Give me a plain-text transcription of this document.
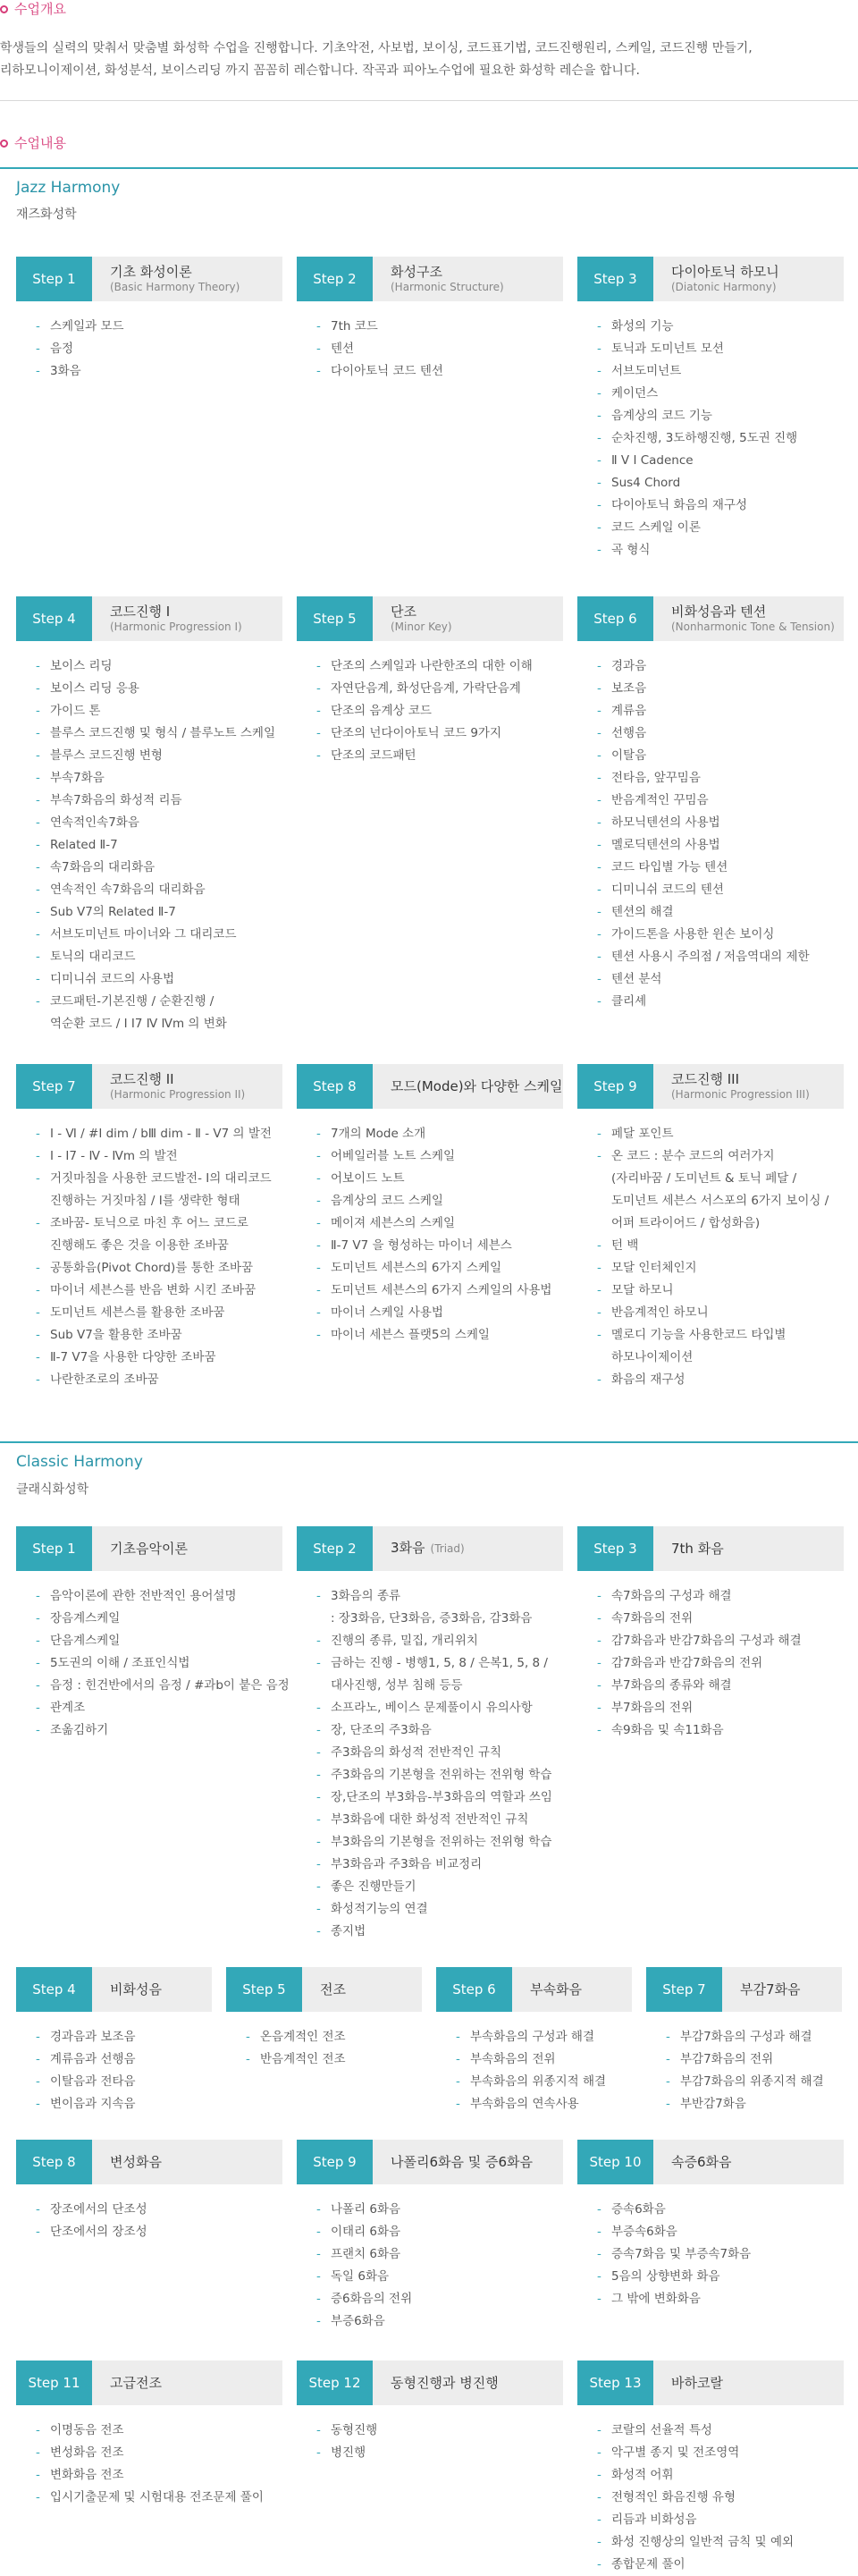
수업개요
학생들의 실력의 맞춰서 맞춤별 화성학 수업을 진행합니다. 기초악전, 사보법, 보이싱, 코드표기법, 코드진행원리, 스케일, 코드진행 만들기,
리하모니이제이션, 화성분석, 보이스리딩 까지 꼼꼼히 레슨합니다. 작곡과 피아노수업에 필요한 화성학 레슨을 합니다.
수업내용
Jazz Harmony
재즈화성학
Step 1	기초 화성이론
(Basic Harmony Theory)
- 스케일과 모드
- 음정
- 3화음
Step 2	화성구조
(Harmonic Structure)
- 7th 코드
- 텐션
- 다이아토닉 코드 텐션
Step 3	다이아토닉 하모니
(Diatonic Harmony)
- 화성의 기능
- 토닉과 도미넌트 모션
- 서브도미넌트
- 케이던스
- 음계상의 코드 기능
- 순차진행, 3도하행진행, 5도권 진행
- Ⅱ Ⅴ Ⅰ Cadence
- Sus4 Chord
- 다이아토닉 화음의 재구성
- 코드 스케일 이론
- 곡 형식
Step 4	코드진행 I
(Harmonic Progression I)
- 보이스 리딩
- 보이스 리딩 응용
- 가이드 톤
- 블루스 코드진행 및 형식 / 블루노트 스케일
- 블루스 코드진행 변형
- 부속7화음
- 부속7화음의 화성적 리듬
- 연속적인속7화음
- Related Ⅱ-7
- 속7화음의 대리화음
- 연속적인 속7화음의 대리화음
- Sub V7의 Related Ⅱ-7
- 서브도미넌트 마이너와 그 대리코드
- 토닉의 대리코드
- 디미니쉬 코드의 사용법
- 코드패턴-기본진행 / 순환진행 /
역순환 코드 / Ⅰ Ⅰ7 Ⅳ Ⅳm 의 변화
Step 5	단조
(Minor Key)
- 단조의 스케일과 나란한조의 대한 이해
- 자연단음계, 화성단음계, 가락단음계
- 단조의 음계상 코드
- 단조의 넌다이아토닉 코드 9가지
- 단조의 코드패턴
Step 6	비화성음과 텐션
(Nonharmonic Tone & Tension)
- 경과음
- 보조음
- 계류음
- 선행음
- 이탈음
- 전타음, 앞꾸밈음
- 반음계적인 꾸밈음
- 하모닉텐션의 사용법
- 멜로딕텐션의 사용법
- 코드 타입별 가능 텐션
- 디미니쉬 코드의 텐션
- 텐션의 해결
- 가이드톤을 사용한 윈손 보이싱
- 텐션 사용시 주의점 / 저음역대의 제한
- 텐션 분석
- 클리셰
Step 7	코드진행 II
(Harmonic Progression II)
- Ⅰ - Ⅵ / #Ⅰ dim / bⅢ dim - Ⅱ - V7 의 발전
- Ⅰ - Ⅰ7 - Ⅳ - Ⅳm 의 발전
- 거짓마침을 사용한 코드발전- Ⅰ의 대리코드
진행하는 거짓마침 / Ⅰ를 생략한 형태
- 조바꿈- 토닉으로 마친 후 어느 코드로
진행해도 좋은 것을 이용한 조바꿈
- 공통화음(Pivot Chord)를 통한 조바꿈
- 마이너 세븐스를 반음 변화 시킨 조바꿈
- 도미넌트 세븐스를 활용한 조바꿈
- Sub V7을 활용한 조바꿈
- Ⅱ-7 V7을 사용한 다양한 조바꿈
- 나란한조로의 조바꿈
Step 8	모드(Mode)와 다양한 스케일
- 7개의 Mode 소개
- 어베일러블 노트 스케일
- 어보이드 노트
- 음계상의 코드 스케일
- 메이져 세븐스의 스케일
- Ⅱ-7 V7 을 형성하는 마이너 세븐스
- 도미넌트 세븐스의 6가지 스케일
- 도미넌트 세븐스의 6가지 스케일의 사용법
- 마이너 스케일 사용법
- 마이너 세븐스 플랫5의 스케일
Step 9	코드진행 III
(Harmonic Progression III)
- 페달 포인트
- 온 코드 : 분수 코드의 여러가지
(자리바꿈 / 도미넌트 & 토닉 페달 /
도미넌트 세븐스 서스포의 6가지 보이싱 /
어퍼 트라이어드 / 합성화음)
- 턴 백
- 모달 인터체인지
- 모달 하모니
- 반음계적인 하모니
- 멜로디 기능을 사용한코드 타입별
하모나이제이션
- 화음의 재구성
Classic Harmony
클래식화성학
Step 1	기초음악이론
- 음악이론에 관한 전반적인 용어설명
- 장음계스케일
- 단음계스케일
- 5도권의 이해 / 조표인식법
- 음정 : 힌건반에서의 음정 / #과b이 붙은 음정
- 관계조
- 조옮김하기
Step 2	3화음 (Triad)
- 3화음의 종류
: 장3화음, 단3화음, 증3화음, 감3화음
- 진행의 종류, 밀집, 개리위치
- 금하는 진행 - 병행1, 5, 8 / 은복1, 5, 8 /
대사진행, 성부 침해 등등
- 소프라노, 베이스 문제풀이시 유의사항
- 장, 단조의 주3화음
- 주3화음의 화성적 전반적인 규칙
- 주3화음의 기본형을 전위하는 전위형 학습
- 장,단조의 부3화음-부3화음의 역할과 쓰임
- 부3화음에 대한 화성적 전반적인 규칙
- 부3화음의 기본형을 전위하는 전위형 학습
- 부3화음과 주3화음 비교정리
- 좋은 진행만들기
- 화성적기능의 연결
- 종지법
Step 3	7th 화음
- 속7화음의 구성과 해결
- 속7화음의 전위
- 감7화음과 반감7화음의 구성과 해결
- 감7화음과 반감7화음의 전위
- 부7화음의 종류와 해결
- 부7화음의 전위
- 속9화음 및 속11화음
Step 4	비화성음
- 경과음과 보조음
- 계류음과 선행음
- 이탈음과 전타음
- 변이음과 지속음
Step 5	전조
- 온음계적인 전조
- 반음계적인 전조
Step 6	부속화음
- 부속화음의 구성과 해결
- 부속화음의 전위
- 부속화음의 위종지적 해결
- 부속화음의 연속사용
Step 7	부감7화음
- 부감7화음의 구성과 해결
- 부감7화음의 전위
- 부감7화음의 위종지적 해결
- 부반감7화음
Step 8	변성화음
- 장조에서의 단조성
- 단조에서의 장조성
Step 9	나폴리6화음 및 증6화음
- 나폴리 6화음
- 이태리 6화음
- 프랜치 6화음
- 독일 6화음
- 증6화음의 전위
- 부증6화음
Step 10	속증6화음
- 증속6화음
- 부증속6화음
- 증속7화음 및 부증속7화음
- 5음의 상향변화 화음
- 그 밖에 변화화음
Step 11	고급전조
- 이명동음 전조
- 변성화음 전조
- 변화화음 전조
- 입시기출문제 및 시험대용 전조문제 풀이
Step 12	동형진행과 병진행
- 동형진행
- 병진행
Step 13	바하코랄
- 코랄의 선율적 특성
- 악구별 종지 및 전조영역
- 화성적 어휘
- 전형적인 화음진행 유형
- 리듬과 비화성음
- 화성 진행상의 일반적 금칙 및 예외
- 종합문제 풀이
